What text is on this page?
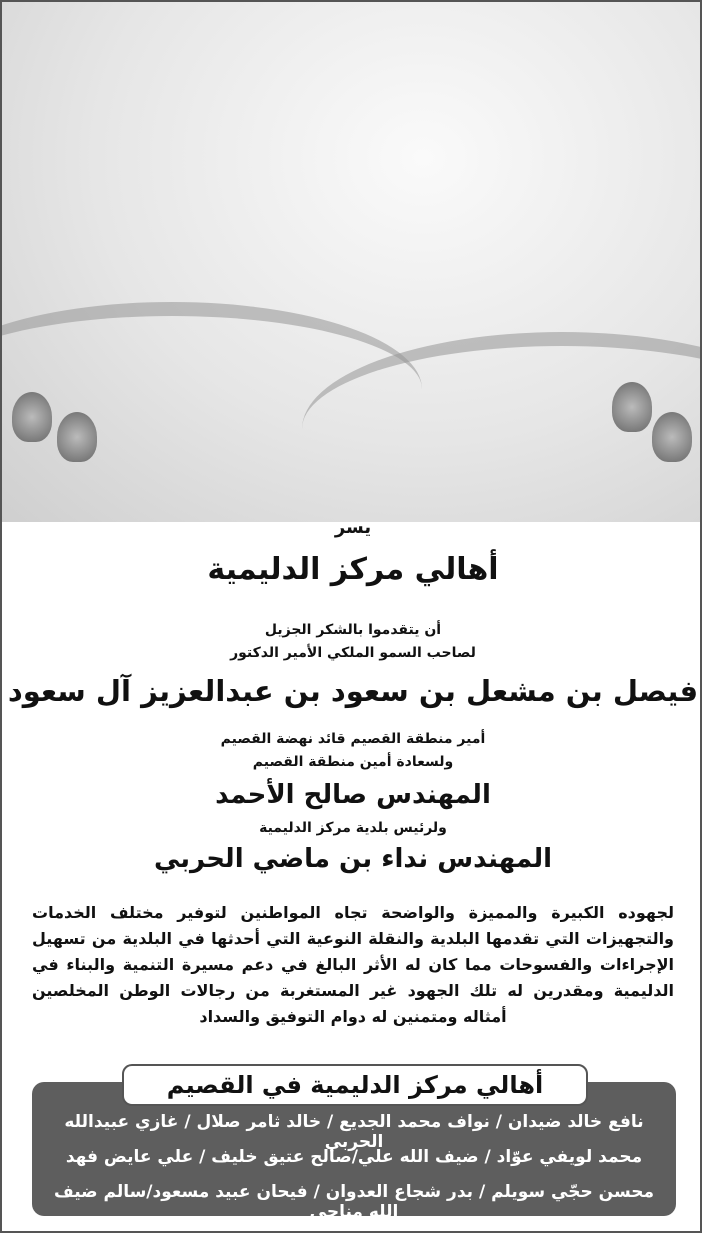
يسر
أهالي مركز الدليمية
أن يتقدموا بالشكر الجزيل
لصاحب السمو الملكي الأمير الدكتور
فيصل بن مشعل بن سعود بن عبدالعزيز آل سعود
أمير منطقة القصيم قائد نهضة القصيم
ولسعادة أمين منطقة القصيم
المهندس صالح الأحمد
ولرئيس بلدية مركز الدليمية
المهندس نداء بن ماضي الحربي
لجهوده الكبيرة والمميزة والواضحة تجاه المواطنين لتوفير مختلف الخدمات والتجهيزات التي تقدمها البلدية والنقلة النوعية التي أحدثها في البلدية من تسهيل الإجراءات والفسوحات مما كان له الأثر البالغ في دعم مسيرة التنمية والبناء في الدليمية ومقدرين له تلك الجهود غير المستغربة من رجالات الوطن المخلصين أمثاله ومتمنين له دوام التوفيق والسداد
أهالي مركز الدليمية في القصيم
نافع خالد ضيدان / نواف محمد الجديع / خالد ثامر صلال / غازي عبيدالله الحربي
محمد لويفي عوّاد / ضيف الله علي/صالح عتيق خليف / علي عايض فهد
محسن حجّي سويلم / بدر شجاع العدوان / فيحان عبيد مسعود/سالم ضيف الله مناحي
